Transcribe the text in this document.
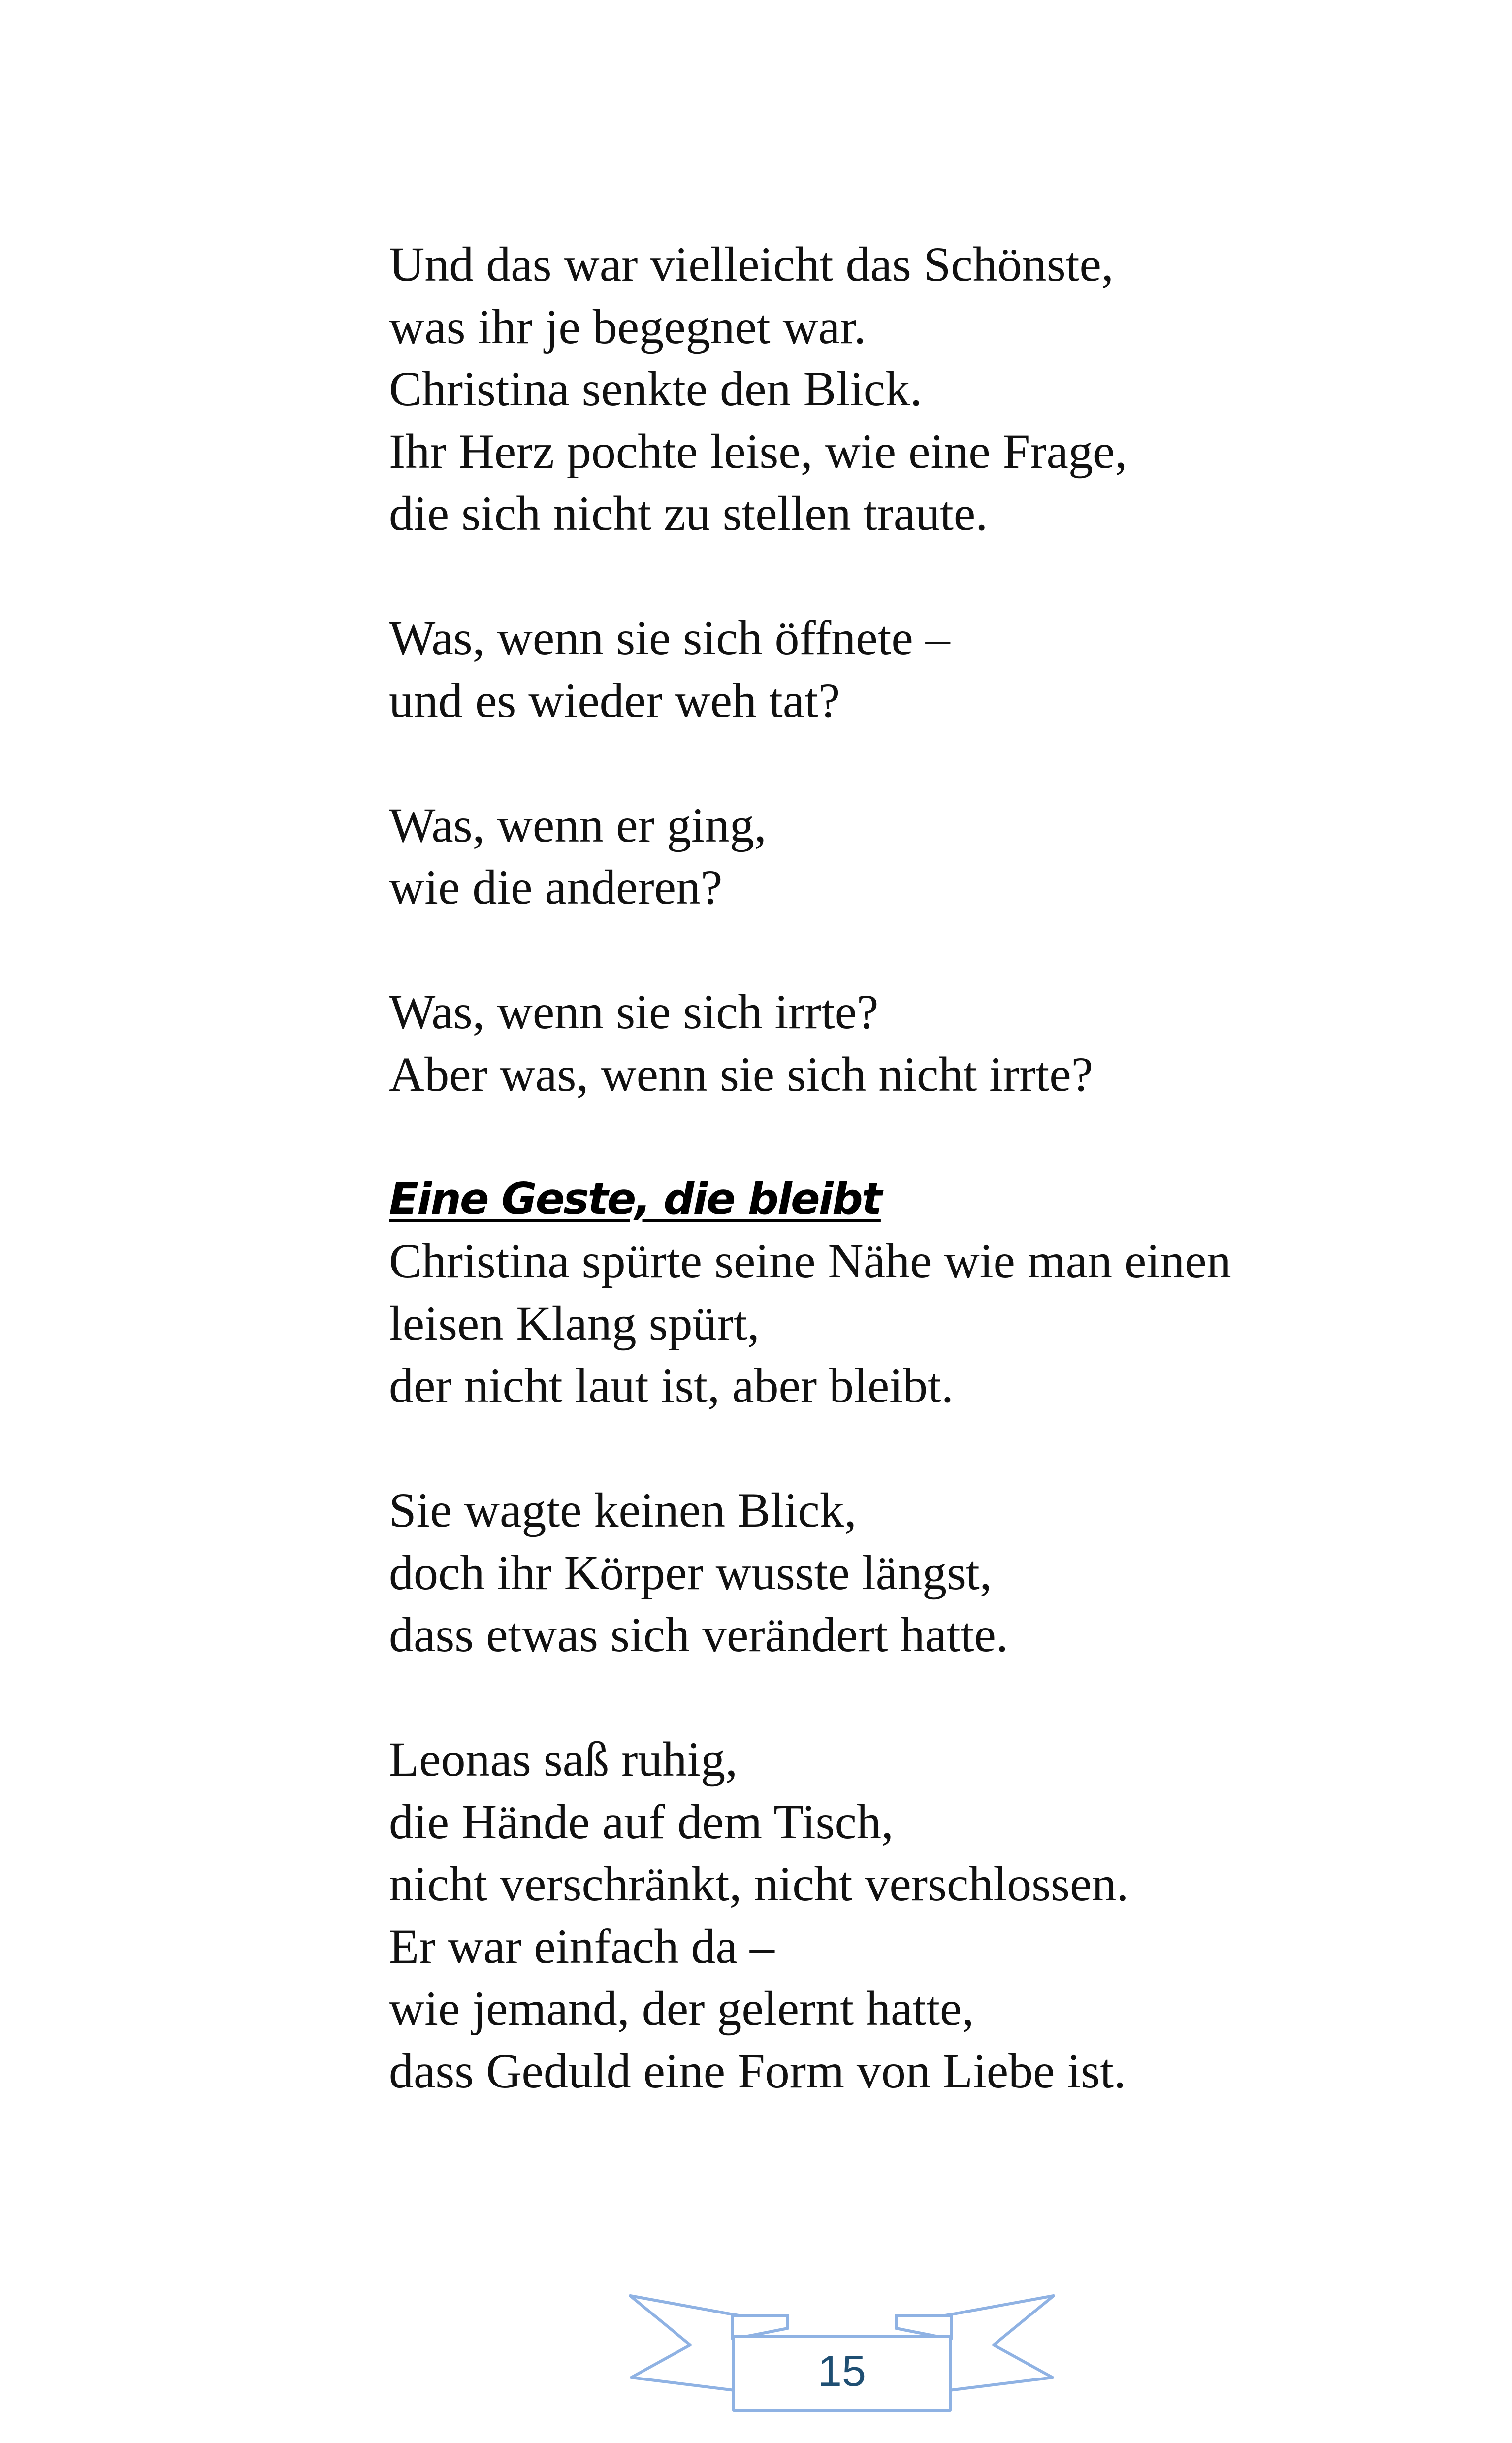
Und das war vielleicht das Schönste,
was ihr je begegnet war.
Christina senkte den Blick.
Ihr Herz pochte leise, wie eine Frage,
die sich nicht zu stellen traute.
Was, wenn sie sich öffnete –
und es wieder weh tat?
Was, wenn er ging,
wie die anderen?
Was, wenn sie sich irrte?
Aber was, wenn sie sich nicht irrte?
Eine Geste, die bleibt
Christina spürte seine Nähe wie man einen
leisen Klang spürt,
der nicht laut ist, aber bleibt.
Sie wagte keinen Blick,
doch ihr Körper wusste längst,
dass etwas sich verändert hatte.
Leonas saß ruhig,
die Hände auf dem Tisch,
nicht verschränkt, nicht verschlossen.
Er war einfach da –
wie jemand, der gelernt hatte,
dass Geduld eine Form von Liebe ist.
15
